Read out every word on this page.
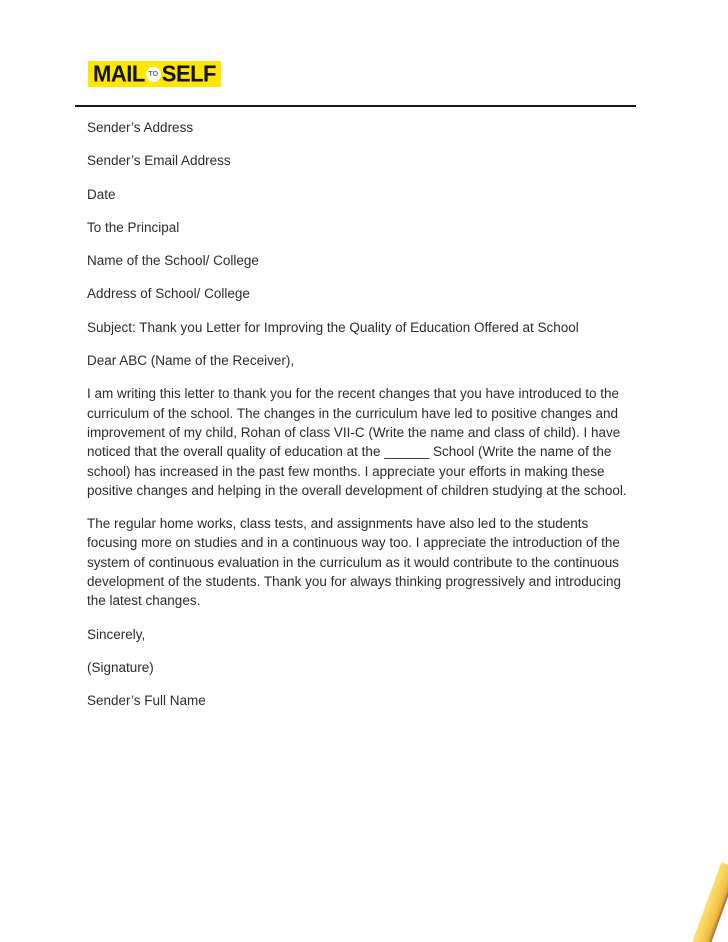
MAIL TO SELF

Sender’s Address

Sender’s Email Address

Date

To the Principal

Name of the School/ College

Address of School/ College

Subject: Thank you Letter for Improving the Quality of Education Offered at School

Dear ABC (Name of the Receiver),

I am writing this letter to thank you for the recent changes that you have introduced to the curriculum of the school. The changes in the curriculum have led to positive changes and improvement of my child, Rohan of class VII-C (Write the name and class of child). I have noticed that the overall quality of education at the ______ School (Write the name of the school) has increased in the past few months. I appreciate your efforts in making these positive changes and helping in the overall development of children studying at the school.

The regular home works, class tests, and assignments have also led to the students focusing more on studies and in a continuous way too. I appreciate the introduction of the system of continuous evaluation in the curriculum as it would contribute to the continuous development of the students. Thank you for always thinking progressively and introducing the latest changes.

Sincerely,

(Signature)

Sender’s Full Name
